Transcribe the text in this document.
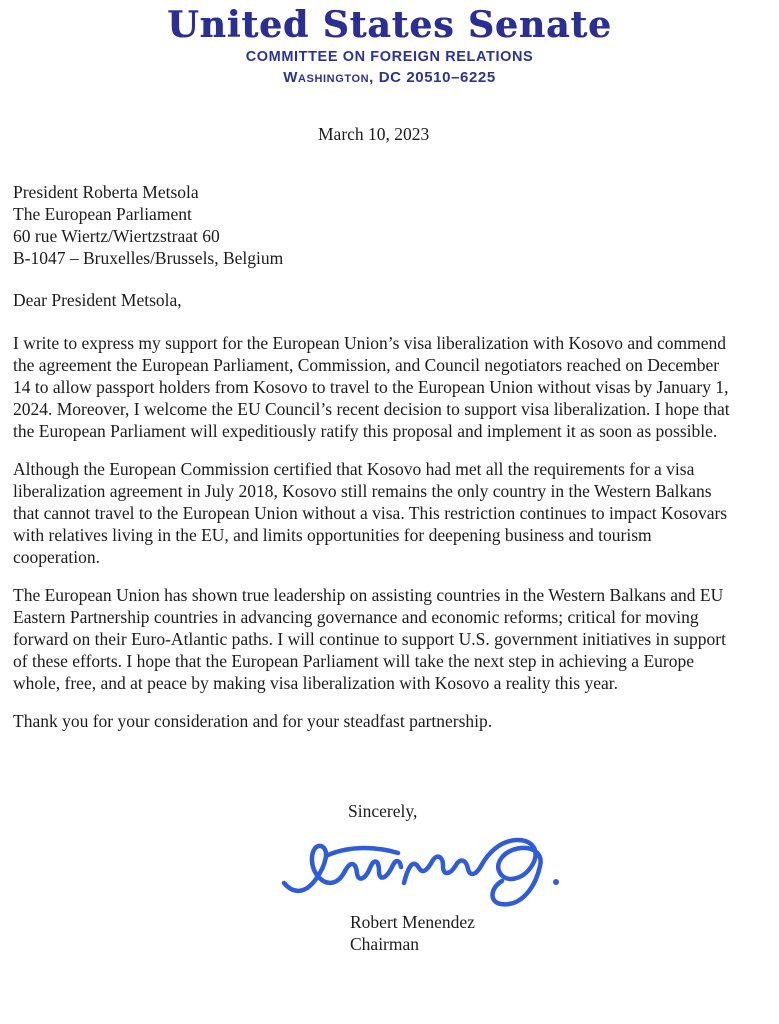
United States Senate
COMMITTEE ON FOREIGN RELATIONS
Washington, DC 20510–6225
March 10, 2023
President Roberta Metsola
The European Parliament
60 rue Wiertz/Wiertzstraat 60
B-1047 – Bruxelles/Brussels, Belgium
Dear President Metsola,

I write to express my support for the European Union’s visa liberalization with Kosovo and commend the agreement the European Parliament, Commission, and Council negotiators reached on December 14 to allow passport holders from Kosovo to travel to the European Union without visas by January 1, 2024. Moreover, I welcome the EU Council’s recent decision to support visa liberalization. I hope that the European Parliament will expeditiously ratify this proposal and implement it as soon as possible.

Although the European Commission certified that Kosovo had met all the requirements for a visa liberalization agreement in July 2018, Kosovo still remains the only country in the Western Balkans that cannot travel to the European Union without a visa. This restriction continues to impact Kosovars with relatives living in the EU, and limits opportunities for deepening business and tourism cooperation.

The European Union has shown true leadership on assisting countries in the Western Balkans and EU Eastern Partnership countries in advancing governance and economic reforms; critical for moving forward on their Euro-Atlantic paths. I will continue to support U.S. government initiatives in support of these efforts. I hope that the European Parliament will take the next step in achieving a Europe whole, free, and at peace by making visa liberalization with Kosovo a reality this year.

Thank you for your consideration and for your steadfast partnership.

Sincerely,
Robert Menendez
Chairman
